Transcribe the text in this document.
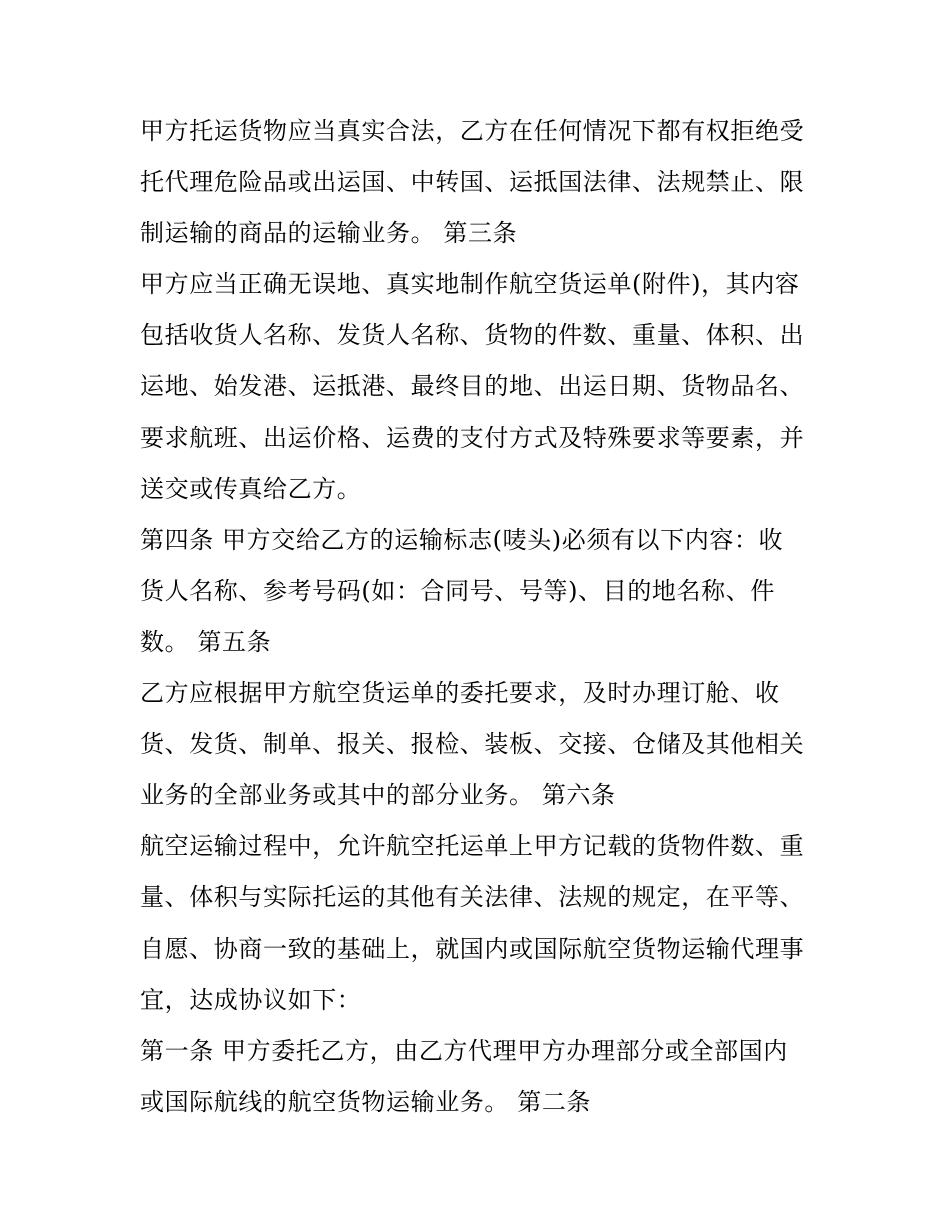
甲方托运货物应当真实合法，乙方在任何情况下都有权拒绝受
托代理危险品或出运国、中转国、运抵国法律、法规禁止、限
制运输的商品的运输业务。 第三条
甲方应当正确无误地、真实地制作航空货运单(附件)，其内容
包括收货人名称、发货人名称、货物的件数、重量、体积、出
运地、始发港、运抵港、最终目的地、出运日期、货物品名、
要求航班、出运价格、运费的支付方式及特殊要求等要素，并
送交或传真给乙方。
第四条 甲方交给乙方的运输标志(唛头)必须有以下内容：收
货人名称、参考号码(如：合同号、号等)、目的地名称、件
数。 第五条
乙方应根据甲方航空货运单的委托要求，及时办理订舱、收
货、发货、制单、报关、报检、装板、交接、仓储及其他相关
业务的全部业务或其中的部分业务。 第六条
航空运输过程中，允许航空托运单上甲方记载的货物件数、重
量、体积与实际托运的其他有关法律、法规的规定，在平等、
自愿、协商一致的基础上，就国内或国际航空货物运输代理事
宜，达成协议如下：
第一条 甲方委托乙方，由乙方代理甲方办理部分或全部国内
或国际航线的航空货物运输业务。 第二条
